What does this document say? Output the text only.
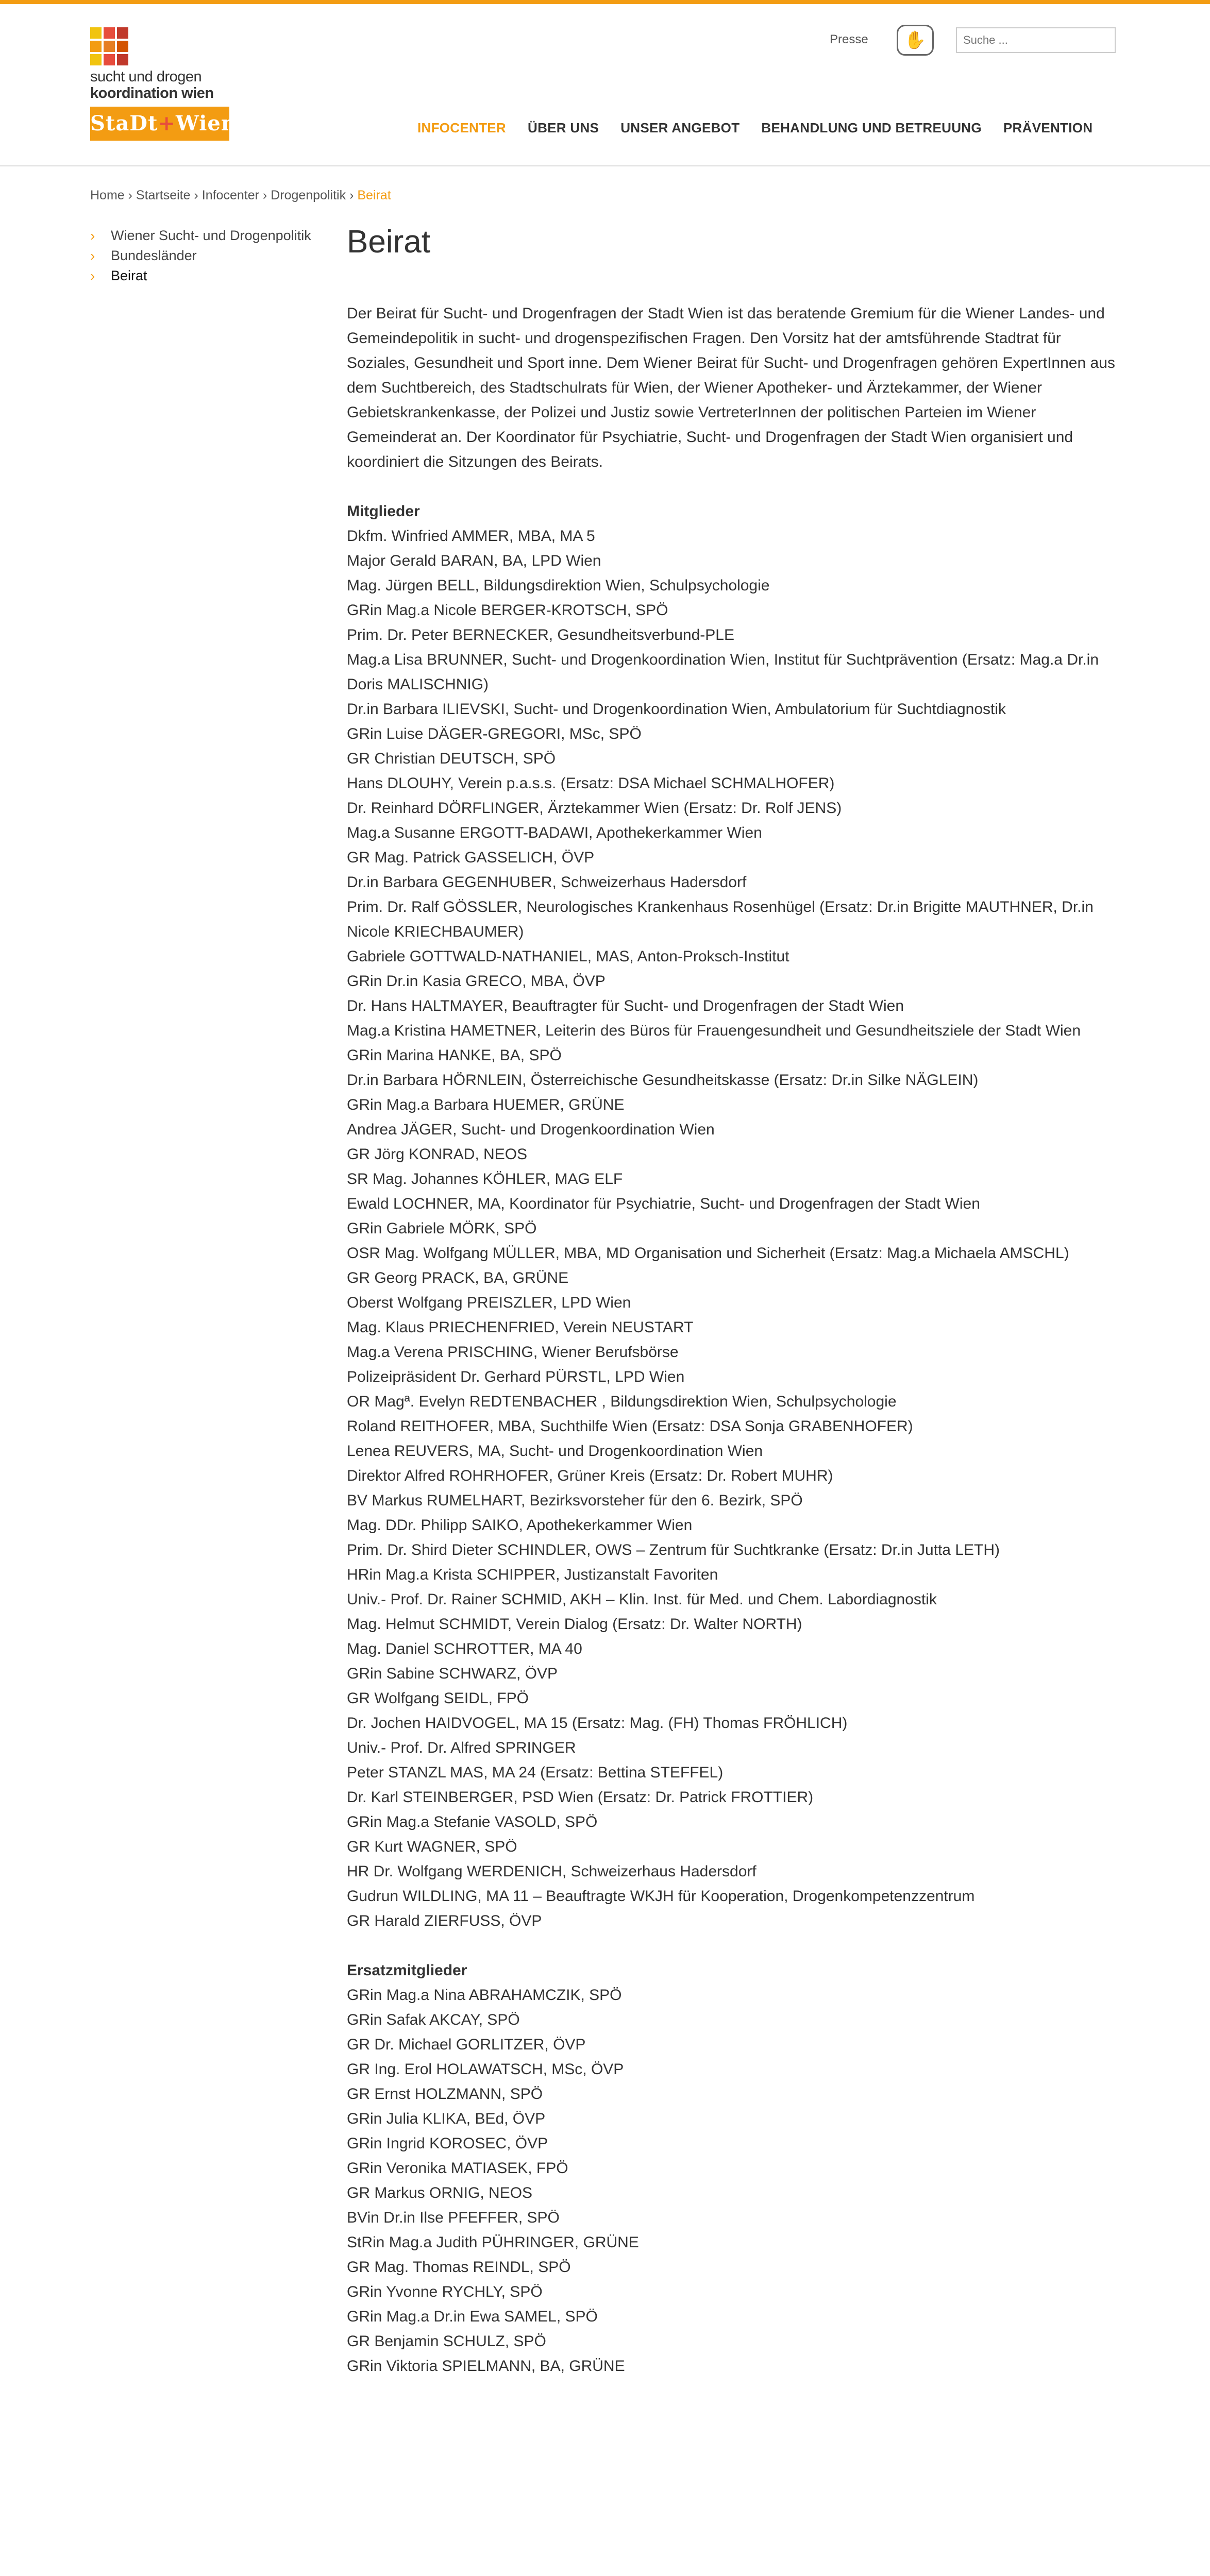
sucht und drogen
koordination wien
StaDt+Wien
Presse	✋
Suche ...
INFOCENTER ÜBER UNS UNSER ANGEBOT BEHANDLUNG UND BETREUUNG PRÄVENTION
Home › Startseite › Infocenter › Drogenpolitik › Beirat
›	Wiener Sucht- und Drogenpolitik
›	Bundesländer
›	Beirat
Beirat

Der Beirat für Sucht- und Drogenfragen der Stadt Wien ist das beratende Gremium für die Wiener Landes- und Gemeindepolitik in sucht- und drogenspezifischen Fragen. Den Vorsitz hat der amtsführende Stadtrat für Soziales, Gesundheit und Sport inne. Dem Wiener Beirat für Sucht- und Drogenfragen gehören ExpertInnen aus dem Suchtbereich, des Stadtschulrats für Wien, der Wiener Apotheker- und Ärztekammer, der Wiener Gebietskrankenkasse, der Polizei und Justiz sowie VertreterInnen der politischen Parteien im Wiener Gemeinderat an. Der Koordinator für Psychiatrie, Sucht- und Drogenfragen der Stadt Wien organisiert und koordiniert die Sitzungen des Beirats.

Mitglieder
Dkfm. Winfried AMMER, MBA, MA 5
Major Gerald BARAN, BA, LPD Wien
Mag. Jürgen BELL, Bildungsdirektion Wien, Schulpsychologie
GRin Mag.a Nicole BERGER-KROTSCH, SPÖ
Prim. Dr. Peter BERNECKER, Gesundheitsverbund-PLE
Mag.a Lisa BRUNNER, Sucht- und Drogenkoordination Wien, Institut für Suchtprävention (Ersatz: Mag.a Dr.in Doris MALISCHNIG)
Dr.in Barbara ILIEVSKI, Sucht- und Drogenkoordination Wien, Ambulatorium für Suchtdiagnostik
GRin Luise DÄGER-GREGORI, MSc, SPÖ
GR Christian DEUTSCH, SPÖ
Hans DLOUHY, Verein p.a.s.s. (Ersatz: DSA Michael SCHMALHOFER)
Dr. Reinhard DÖRFLINGER, Ärztekammer Wien (Ersatz: Dr. Rolf JENS)
Mag.a Susanne ERGOTT-BADAWI, Apothekerkammer Wien
GR Mag. Patrick GASSELICH, ÖVP
Dr.in Barbara GEGENHUBER, Schweizerhaus Hadersdorf
Prim. Dr. Ralf GÖSSLER, Neurologisches Krankenhaus Rosenhügel (Ersatz: Dr.in Brigitte MAUTHNER, Dr.in Nicole KRIECHBAUMER)
Gabriele GOTTWALD-NATHANIEL, MAS, Anton-Proksch-Institut
GRin Dr.in Kasia GRECO, MBA, ÖVP
Dr. Hans HALTMAYER, Beauftragter für Sucht- und Drogenfragen der Stadt Wien
Mag.a Kristina HAMETNER, Leiterin des Büros für Frauengesundheit und Gesundheitsziele der Stadt Wien
GRin Marina HANKE, BA, SPÖ
Dr.in Barbara HÖRNLEIN, Österreichische Gesundheitskasse (Ersatz: Dr.in Silke NÄGLEIN)
GRin Mag.a Barbara HUEMER, GRÜNE
Andrea JÄGER, Sucht- und Drogenkoordination Wien
GR Jörg KONRAD, NEOS
SR Mag. Johannes KÖHLER, MAG ELF
Ewald LOCHNER, MA, Koordinator für Psychiatrie, Sucht- und Drogenfragen der Stadt Wien
GRin Gabriele MÖRK, SPÖ
OSR Mag. Wolfgang MÜLLER, MBA, MD Organisation und Sicherheit (Ersatz: Mag.a Michaela AMSCHL)
GR Georg PRACK, BA, GRÜNE
Oberst Wolfgang PREISZLER, LPD Wien
Mag. Klaus PRIECHENFRIED, Verein NEUSTART
Mag.a Verena PRISCHING, Wiener Berufsbörse
Polizeipräsident Dr. Gerhard PÜRSTL, LPD Wien
OR Magª. Evelyn REDTENBACHER , Bildungsdirektion Wien, Schulpsychologie
Roland REITHOFER, MBA, Suchthilfe Wien (Ersatz: DSA Sonja GRABENHOFER)
Lenea REUVERS, MA, Sucht- und Drogenkoordination Wien
Direktor Alfred ROHRHOFER, Grüner Kreis (Ersatz: Dr. Robert MUHR)
BV Markus RUMELHART, Bezirksvorsteher für den 6. Bezirk, SPÖ
Mag. DDr. Philipp SAIKO, Apothekerkammer Wien
Prim. Dr. Shird Dieter SCHINDLER, OWS – Zentrum für Suchtkranke (Ersatz: Dr.in Jutta LETH)
HRin Mag.a Krista SCHIPPER, Justizanstalt Favoriten
Univ.- Prof. Dr. Rainer SCHMID, AKH – Klin. Inst. für Med. und Chem. Labordiagnostik
Mag. Helmut SCHMIDT, Verein Dialog (Ersatz: Dr. Walter NORTH)
Mag. Daniel SCHROTTER, MA 40
GRin Sabine SCHWARZ, ÖVP
GR Wolfgang SEIDL, FPÖ
Dr. Jochen HAIDVOGEL, MA 15 (Ersatz: Mag. (FH) Thomas FRÖHLICH)
Univ.- Prof. Dr. Alfred SPRINGER
Peter STANZL MAS, MA 24 (Ersatz: Bettina STEFFEL)
Dr. Karl STEINBERGER, PSD Wien (Ersatz: Dr. Patrick FROTTIER)
GRin Mag.a Stefanie VASOLD, SPÖ
GR Kurt WAGNER, SPÖ
HR Dr. Wolfgang WERDENICH, Schweizerhaus Hadersdorf
Gudrun WILDLING, MA 11 – Beauftragte WKJH für Kooperation, Drogenkompetenzzentrum
GR Harald ZIERFUSS, ÖVP
Ersatzmitglieder
GRin Mag.a Nina ABRAHAMCZIK, SPÖ
GRin Safak AKCAY, SPÖ
GR Dr. Michael GORLITZER, ÖVP
GR Ing. Erol HOLAWATSCH, MSc, ÖVP
GR Ernst HOLZMANN, SPÖ
GRin Julia KLIKA, BEd, ÖVP
GRin Ingrid KOROSEC, ÖVP
GRin Veronika MATIASEK, FPÖ
GR Markus ORNIG, NEOS
BVin Dr.in Ilse PFEFFER, SPÖ
StRin Mag.a Judith PÜHRINGER, GRÜNE
GR Mag. Thomas REINDL, SPÖ
GRin Yvonne RYCHLY, SPÖ
GRin Mag.a Dr.in Ewa SAMEL, SPÖ
GR Benjamin SCHULZ, SPÖ
GRin Viktoria SPIELMANN, BA, GRÜNE
